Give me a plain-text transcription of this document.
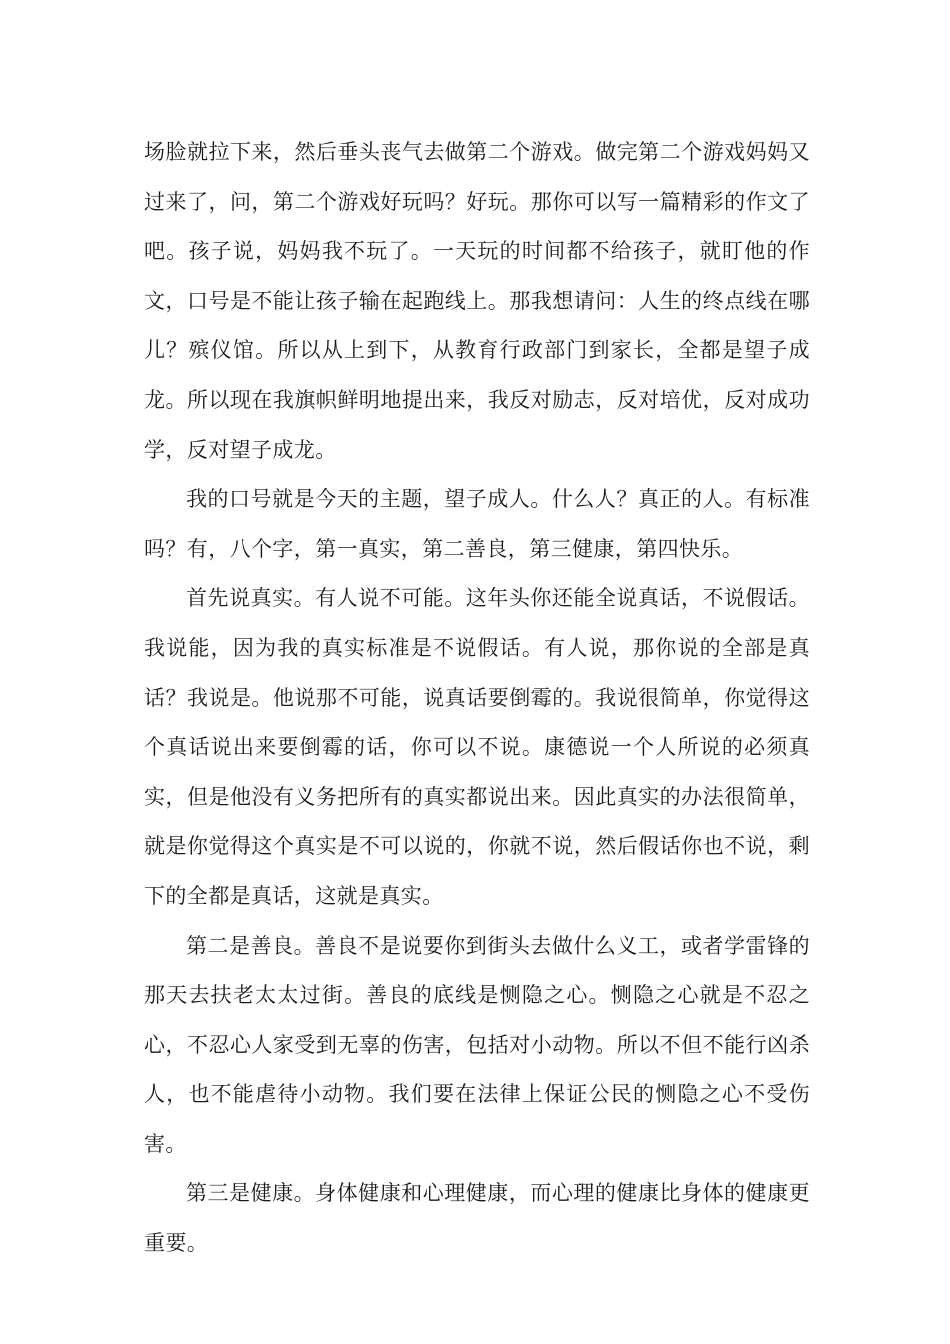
场脸就拉下来，然后垂头丧气去做第二个游戏。做完第二个游戏妈妈又过来了，问，第二个游戏好玩吗？好玩。那你可以写一篇精彩的作文了吧。孩子说，妈妈我不玩了。一天玩的时间都不给孩子，就盯他的作文，口号是不能让孩子输在起跑线上。那我想请问：人生的终点线在哪儿？殡仪馆。所以从上到下，从教育行政部门到家长，全都是望子成龙。所以现在我旗帜鲜明地提出来，我反对励志，反对培优，反对成功学，反对望子成龙。

我的口号就是今天的主题，望子成人。什么人？真正的人。有标准吗？有，八个字，第一真实，第二善良，第三健康，第四快乐。

首先说真实。有人说不可能。这年头你还能全说真话，不说假话。我说能，因为我的真实标准是不说假话。有人说，那你说的全部是真话？我说是。他说那不可能，说真话要倒霉的。我说很简单，你觉得这个真话说出来要倒霉的话，你可以不说。康德说一个人所说的必须真实，但是他没有义务把所有的真实都说出来。因此真实的办法很简单，就是你觉得这个真实是不可以说的，你就不说，然后假话你也不说，剩下的全都是真话，这就是真实。

第二是善良。善良不是说要你到街头去做什么义工，或者学雷锋的那天去扶老太太过街。善良的底线是恻隐之心。恻隐之心就是不忍之心，不忍心人家受到无辜的伤害，包括对小动物。所以不但不能行凶杀人，也不能虐待小动物。我们要在法律上保证公民的恻隐之心不受伤害。

第三是健康。身体健康和心理健康，而心理的健康比身体的健康更重要。
